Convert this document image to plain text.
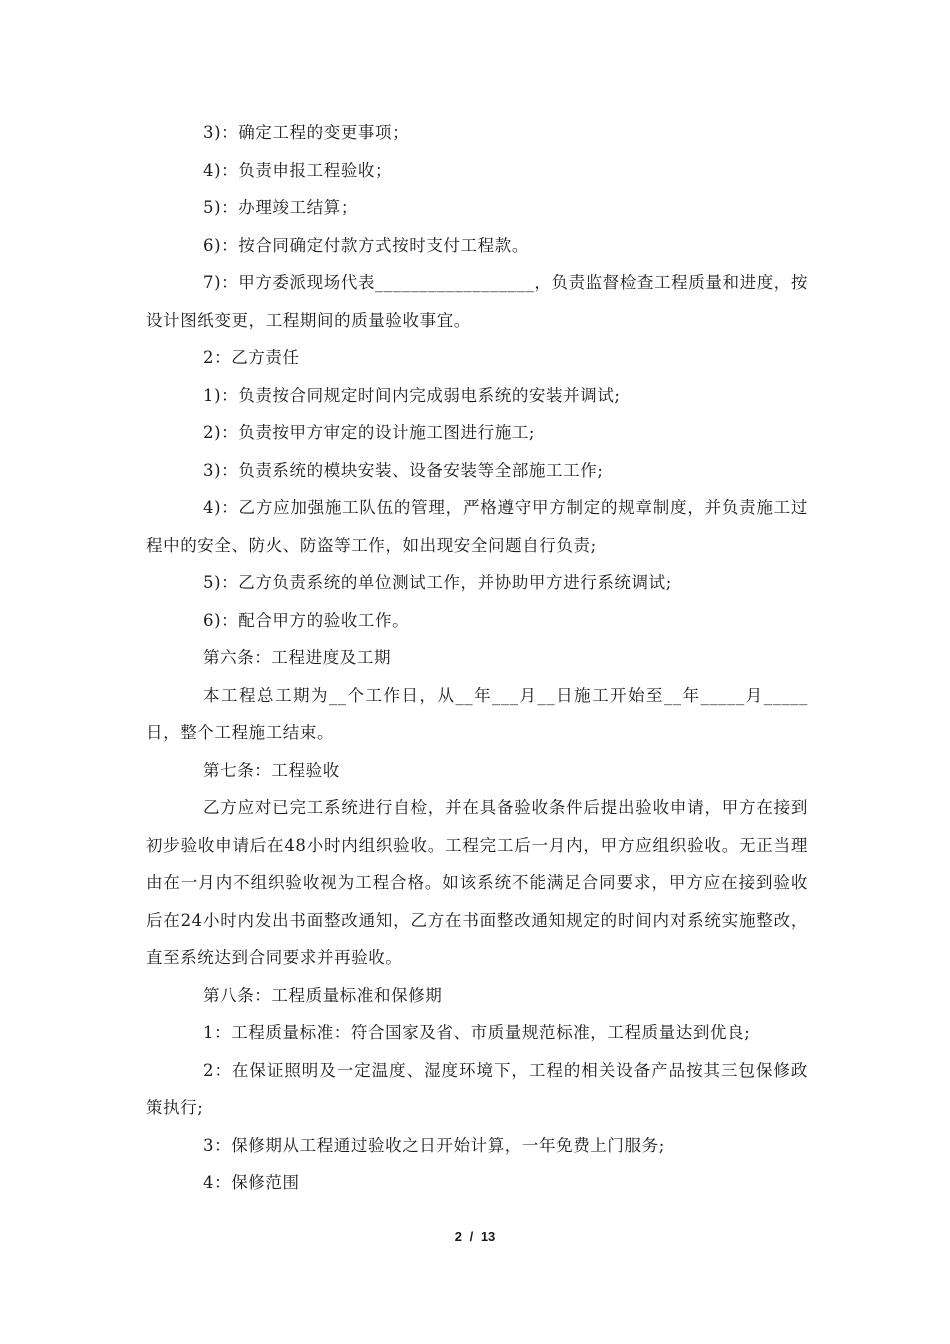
3)：确定工程的变更事项；

4)：负责申报工程验收；

5)：办理竣工结算；

6)：按合同确定付款方式按时支付工程款。

7)：甲方委派现场代表__________________，负责监督检查工程质量和进度，按设计图纸变更，工程期间的质量验收事宜。

2：乙方责任

1)：负责按合同规定时间内完成弱电系统的安装并调试;

2)：负责按甲方审定的设计施工图进行施工;

3)：负责系统的模块安装、设备安装等全部施工工作;

4)：乙方应加强施工队伍的管理，严格遵守甲方制定的规章制度，并负责施工过程中的安全、防火、防盗等工作，如出现安全问题自行负责;

5)：乙方负责系统的单位测试工作，并协助甲方进行系统调试;

6)：配合甲方的验收工作。

第六条：工程进度及工期

本工程总工期为__个工作日，从__年___月__日施工开始至__年_____月_____日，整个工程施工结束。

第七条：工程验收

乙方应对已完工系统进行自检，并在具备验收条件后提出验收申请，甲方在接到初步验收申请后在48小时内组织验收。工程完工后一月内，甲方应组织验收。无正当理由在一月内不组织验收视为工程合格。如该系统不能满足合同要求，甲方应在接到验收后在24小时内发出书面整改通知，乙方在书面整改通知规定的时间内对系统实施整改，直至系统达到合同要求并再验收。

第八条：工程质量标准和保修期

1：工程质量标准：符合国家及省、市质量规范标准，工程质量达到优良;

2：在保证照明及一定温度、湿度环境下，工程的相关设备产品按其三包保修政策执行;

3：保修期从工程通过验收之日开始计算，一年免费上门服务;

4：保修范围

2 / 13
